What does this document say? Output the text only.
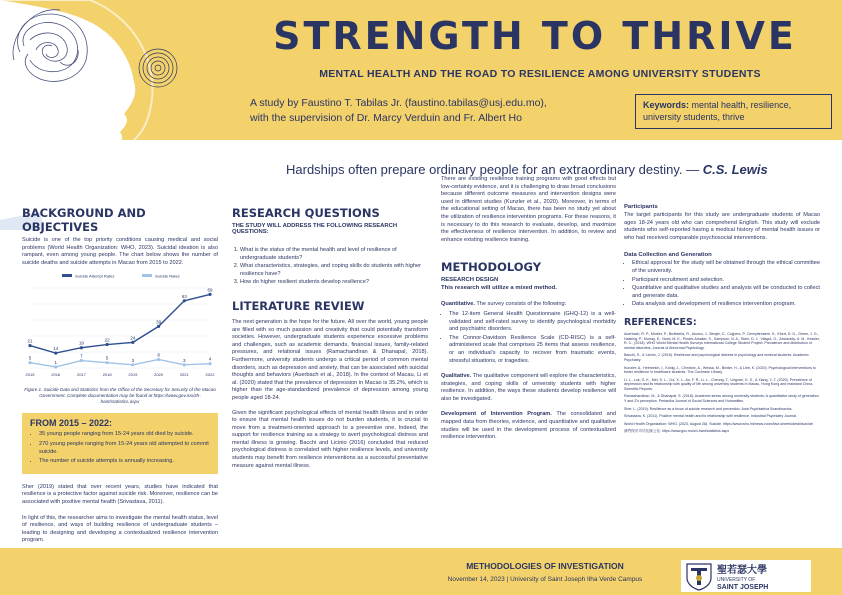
STRENGTH TO THRIVE
MENTAL HEALTH AND THE ROAD TO RESILIENCE AMONG UNIVERSITY STUDENTS
A study by Faustino T. Tabilas Jr. (faustino.tabilas@usj.edu.mo),
with the supervision of Dr. Marcy Verduin and Fr. Albert Ho
Keywords: mental health, resilience, university students, thrive
Hardships often prepare ordinary people for an extraordinary destiny. — C.S. Lewis
BACKGROUND AND OBJECTIVES
Suicide is one of the top priority conditions causing medical and social problems (World Health Organization: WHO, 2023). Suicidal ideation is also rampant, even among young people. The chart below shows the number of suicide deaths and suicide attempts in Macao from 2015 to 2022.
Suicide Attempt Rates	Suicide Rates
21
14
19
22	24
39
63
69
5
1
7	5	3
8
3	4
2015	2016	2017	2018	2019	2020	2021	2022
Figure 1. Suicide Data and Statistics from the Office of the Secretary for Security of the Macao Government. Complete documentation may be found at https://www.gov.mo/zh-hant/statistics.aspx
FROM 2015 – 2022:
• 35 young people ranging from 15-24 years old died by suicide.
• 270 young people ranging from 15-24 years old attempted to commit suicide.
• The number of suicide attempts is annually increasing.
Sher (2019) stated that over recent years, studies have indicated that resilience is a protective factor against suicide risk. Moreover, resilience can be associated with positive mental health (Srivastava, 2011).
In light of this, the researcher aims to investigate the mental health status, level of resilience, and ways of building resilience of undergraduate students – leading to designing and developing a contextualized resilience intervention program.
RESEARCH QUESTIONS
THE STUDY WILL ADDRESS THE FOLLOWING RESEARCH QUESTIONS:
1. What is the status of the mental health and level of resilience of undergraduate students?
2. What characteristics, strategies, and coping skills do students with higher resilience have?
3. How do higher resilient students develop resilience?
LITERATURE REVIEW
The next generation is the hope for the future. All over the world, young people are filled with so much passion and creativity that could potentially transform societies. However, undergraduate students experience excessive problems and challenges, such as academic demands, financial issues, family-related pressures, and relational issues (Ramachandiran & Dhanapal, 2018). Furthermore, university students undergo a critical period of common mental disorders, such as depression and anxiety, that can be associated with suicidal thoughts and behaviors (Auerbach et al., 2018). In the context of Macau, Li et al. (2020) stated that the prevalence of depression in Macao is 35.2%, which is higher than the age-standardized prevalence of depression among young people aged 18-24.
Given the significant psychological effects of mental health illness and in order to ensure that mental health issues do not burden students, it is crucial to move from a treatment-oriented approach to a preventive one. Indeed, the support for resilience training as a strategy to avert psychological distress and mental illness is growing. Bacchi and Licinio (2016) concluded that reduced psychological distress is correlated with higher resilience levels, and university students may benefit from resilience interventions as a successful preventative measure against mental illness.
There are existing resilience training programs with good effects but low-certainty evidence, and it is challenging to draw broad conclusions because different outcome measures and intervention designs were used in different studies (Kunzler et al., 2020). Moreover, in terms of the educational setting of Macao, there has been no study yet about the utilization of resilience intervention programs. For these reasons, it is necessary to do this research to evaluate, develop, and maximize the effectiveness of resilience intervention. In addition, to review and enhance existing resilience training.
METHODOLOGY
RESEARCH DESIGN
This research will utilize a mixed method.
Quantitative. The survey consists of the following:
• The 12-item General Health Questionnaire (GHQ-12) is a well-validated and self-rated survey to identify psychological morbidity and psychiatric disorders.
• The Connor-Davidson Resilience Scale (CD-RISC) is a self-administered scale that comprises 25 items that assess resilience, or an individual's capacity to recover from traumatic events, stressful situations, or tragedies.
Qualitative. The qualitative component will explore the characteristics, strategies, and coping skills of university students with higher resilience. In addition, the ways these students develop resilience will also be investigated.
Development of Intervention Program. The consolidated and mapped data from theories, evidence, and quantitative and qualitative studies will be used in the development process of contextualized resilience intervention.
Participants
The target participants for this study are undergraduate students of Macao ages 18-24 years old who can comprehend English. This study will exclude students who self-reported having a medical history of mental health issues or who had received comparable psychosocial interventions.
Data Collection and Generation
• Ethical approval for the study will be obtained through the ethical committee of the university.
• Participant recruitment and selection.
• Quantitative and qualitative studies and analysis will be conducted to collect and generate data.
• Data analysis and development of resilience intervention program.
REFERENCES:
Auerbach, R. P., Mortier, P., Bruffaerts, R., Alonso, J., Benjet, C., Cuijpers, P., Demyttenaere, K., Ebert, D. D., Green, J. G., Hasking, P., Murray, E., Nock, M. K., Pinder-Amaker, S., Sampson, N. A., Stein, D. J., Vilagut, G., Zaslavsky, A. M., Kessler, R. C., (2018). WHO World Mental Health Surveys International College Student Project: Prevalence and distribution of mental disorders. Journal of Abnormal Psychology.
Bacchi, S., & Licinio, J. (2016). Resilience and psychological distress in psychology and medical students. Academic Psychiatry.
Kunzler, A., Helmreich, I., König, J., Chmitorz, A., Wessa, M., Binder, H., & Lieb, K. (2020). Psychological interventions to foster resilience in healthcare students. The Cochrane Library.
Li, L., Lok, G. K., Mei, S. L., Cui, X. L., An, F. R., Li, L., Cheung, T., Ungvari, G. S., & Xiang, Y.-T. (2020). Prevalence of depression and its relationship with quality of life among university students in Macau, Hong Kong and mainland China. Scientific Reports.
Ramachandiran, M., & Dhanapal, S. (2018). Academic stress among university students: A quantitative study of generation Y and Z's perception. Pertanika Journal of Social Sciences and Humanities.
Sher, L. (2019). Resilience as a focus of suicide research and prevention. Acta Psychiatrica Scandinavica.
Srivastava, K. (2011). Positive mental health and its relationship with resilience. Industrial Psychiatry Journal.
World Health Organization: WHO. (2023, August 28). Suicide. https://www.who.int/news-room/fact-sheets/detail/suicide
澳門保安司司長辦公室. https://www.gov.mo/zh-hant/statistics.aspx
METHODOLOGIES OF INVESTIGATION
November 14, 2023 | University of Saint Joseph Ilha Verde Campus
聖若瑟大學
UNIVERSITY OF
SAINT JOSEPH
